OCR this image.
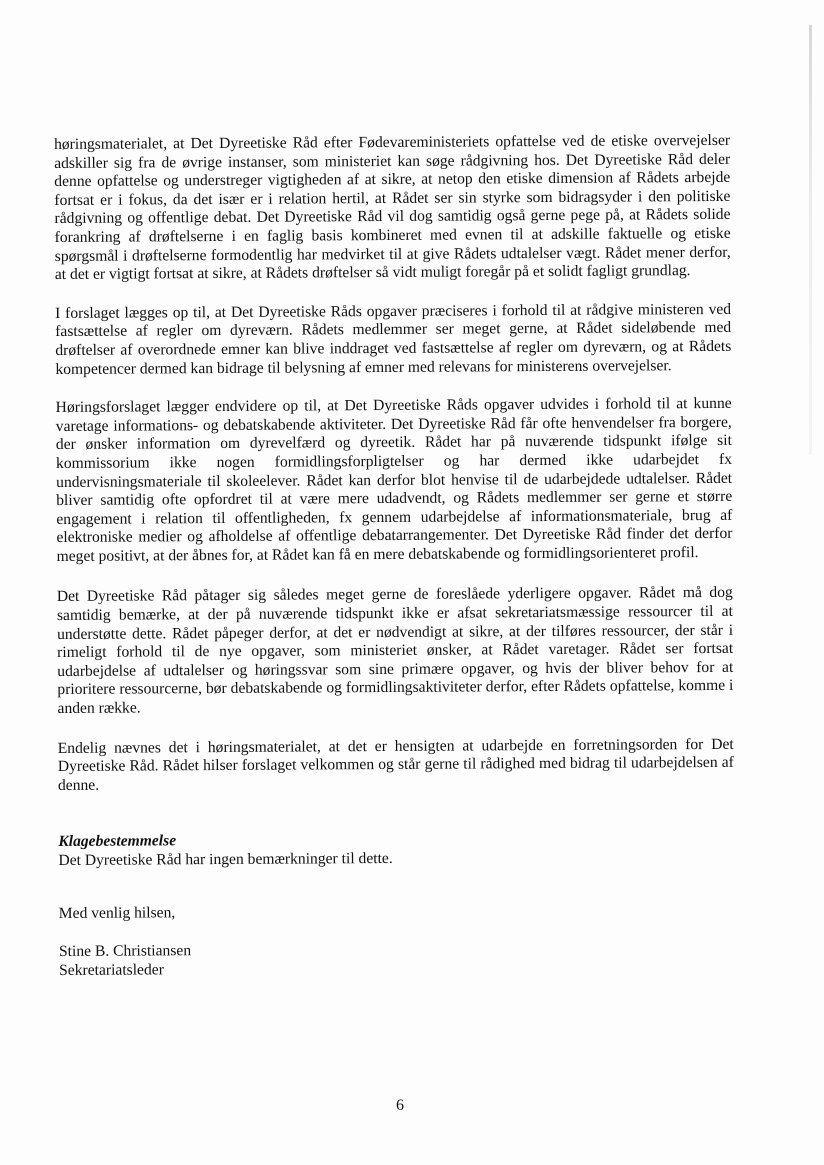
høringsmaterialet, at Det Dyreetiske Råd efter Fødevareministeriets opfattelse ved de etiske overvejelser adskiller sig fra de øvrige instanser, som ministeriet kan søge rådgivning hos. Det Dyreetiske Råd deler denne opfattelse og understreger vigtigheden af at sikre, at netop den etiske dimension af Rådets arbejde fortsat er i fokus, da det især er i relation hertil, at Rådet ser sin styrke som bidragsyder i den politiske rådgivning og offentlige debat. Det Dyreetiske Råd vil dog samtidig også gerne pege på, at Rådets solide forankring af drøftelserne i en faglig basis kombineret med evnen til at adskille faktuelle og etiske spørgsmål i drøftelserne formodentlig har medvirket til at give Rådets udtalelser vægt. Rådet mener derfor, at det er vigtigt fortsat at sikre, at Rådets drøftelser så vidt muligt foregår på et solidt fagligt grundlag.

I forslaget lægges op til, at Det Dyreetiske Råds opgaver præciseres i forhold til at rådgive ministeren ved fastsættelse af regler om dyreværn. Rådets medlemmer ser meget gerne, at Rådet sideløbende med drøftelser af overordnede emner kan blive inddraget ved fastsættelse af regler om dyreværn, og at Rådets kompetencer dermed kan bidrage til belysning af emner med relevans for ministerens overvejelser.

Høringsforslaget lægger endvidere op til, at Det Dyreetiske Råds opgaver udvides i forhold til at kunne varetage informations- og debatskabende aktiviteter. Det Dyreetiske Råd får ofte henvendelser fra borgere, der ønsker information om dyrevelfærd og dyreetik. Rådet har på nuværende tidspunkt ifølge sit kommissorium ikke nogen formidlingsforpligtelser og har dermed ikke udarbejdet fx undervisningsmateriale til skoleelever. Rådet kan derfor blot henvise til de udarbejdede udtalelser. Rådet bliver samtidig ofte opfordret til at være mere udadvendt, og Rådets medlemmer ser gerne et større engagement i relation til offentligheden, fx gennem udarbejdelse af informationsmateriale, brug af elektroniske medier og afholdelse af offentlige debatarrangementer. Det Dyreetiske Råd finder det derfor meget positivt, at der åbnes for, at Rådet kan få en mere debatskabende og formidlingsorienteret profil.

Det Dyreetiske Råd påtager sig således meget gerne de foreslåede yderligere opgaver. Rådet må dog samtidig bemærke, at der på nuværende tidspunkt ikke er afsat sekretariatsmæssige ressourcer til at understøtte dette. Rådet påpeger derfor, at det er nødvendigt at sikre, at der tilføres ressourcer, der står i rimeligt forhold til de nye opgaver, som ministeriet ønsker, at Rådet varetager. Rådet ser fortsat udarbejdelse af udtalelser og høringssvar som sine primære opgaver, og hvis der bliver behov for at prioritere ressourcerne, bør debatskabende og formidlingsaktiviteter derfor, efter Rådets opfattelse, komme i anden række.

Endelig nævnes det i høringsmaterialet, at det er hensigten at udarbejde en forretningsorden for Det Dyreetiske Råd. Rådet hilser forslaget velkommen og står gerne til rådighed med bidrag til udarbejdelsen af denne.

Klagebestemmelse
Det Dyreetiske Råd har ingen bemærkninger til dette.
Med venlig hilsen,
Stine B. Christiansen
Sekretariatsleder
6
